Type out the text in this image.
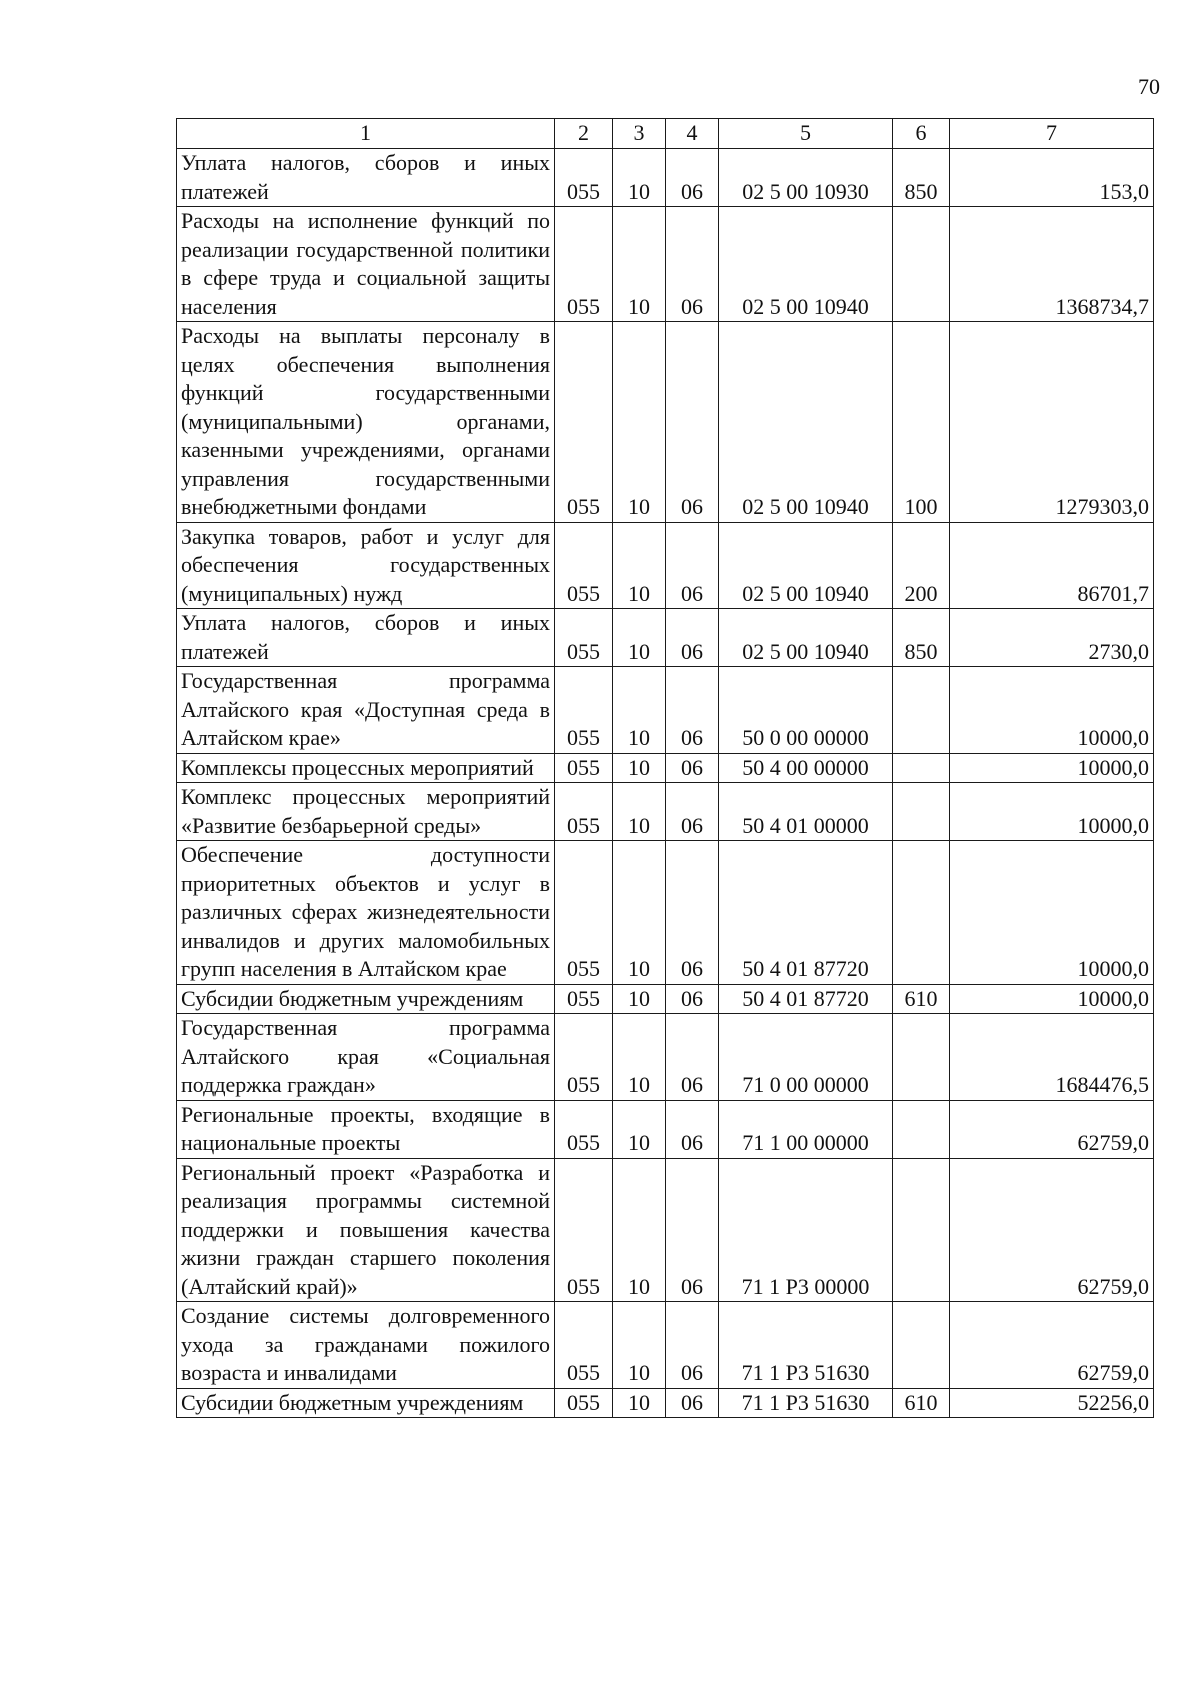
70
1	2	3	4	5	6	7
Уплата налогов, сборов и иных платежей	055	10	06	02 5 00 10930	850	153,0
Расходы на исполнение функций по реализации государственной политики в сфере труда и социальной защиты населения	055	10	06	02 5 00 10940		1368734,7
Расходы на выплаты персоналу в целях обеспечения выполнения функций государственными (муниципальными) органами, казенными учреждениями, органами управления государственными внебюджетными фондами	055	10	06	02 5 00 10940	100	1279303,0
Закупка товаров, работ и услуг для обеспечения государственных (муниципальных) нужд	055	10	06	02 5 00 10940	200	86701,7
Уплата налогов, сборов и иных платежей	055	10	06	02 5 00 10940	850	2730,0
Государственная программа Алтайского края «Доступная среда в Алтайском крае»	055	10	06	50 0 00 00000		10000,0
Комплексы процессных мероприятий	055	10	06	50 4 00 00000		10000,0
Комплекс процессных мероприятий «Развитие безбарьерной среды»	055	10	06	50 4 01 00000		10000,0
Обеспечение доступности приоритетных объектов и услуг в различных сферах жизнедеятельности инвалидов и других маломобильных групп населения в Алтайском крае	055	10	06	50 4 01 87720		10000,0
Субсидии бюджетным учреждениям	055	10	06	50 4 01 87720	610	10000,0
Государственная программа Алтайского края «Социальная поддержка граждан»	055	10	06	71 0 00 00000		1684476,5
Региональные проекты, входящие в национальные проекты	055	10	06	71 1 00 00000		62759,0
Региональный проект «Разработка и реализация программы системной поддержки и повышения качества жизни граждан старшего поколения (Алтайский край)»	055	10	06	71 1 P3 00000		62759,0
Создание системы долговременного ухода за гражданами пожилого возраста и инвалидами	055	10	06	71 1 P3 51630		62759,0
Субсидии бюджетным учреждениям	055	10	06	71 1 P3 51630	610	52256,0
